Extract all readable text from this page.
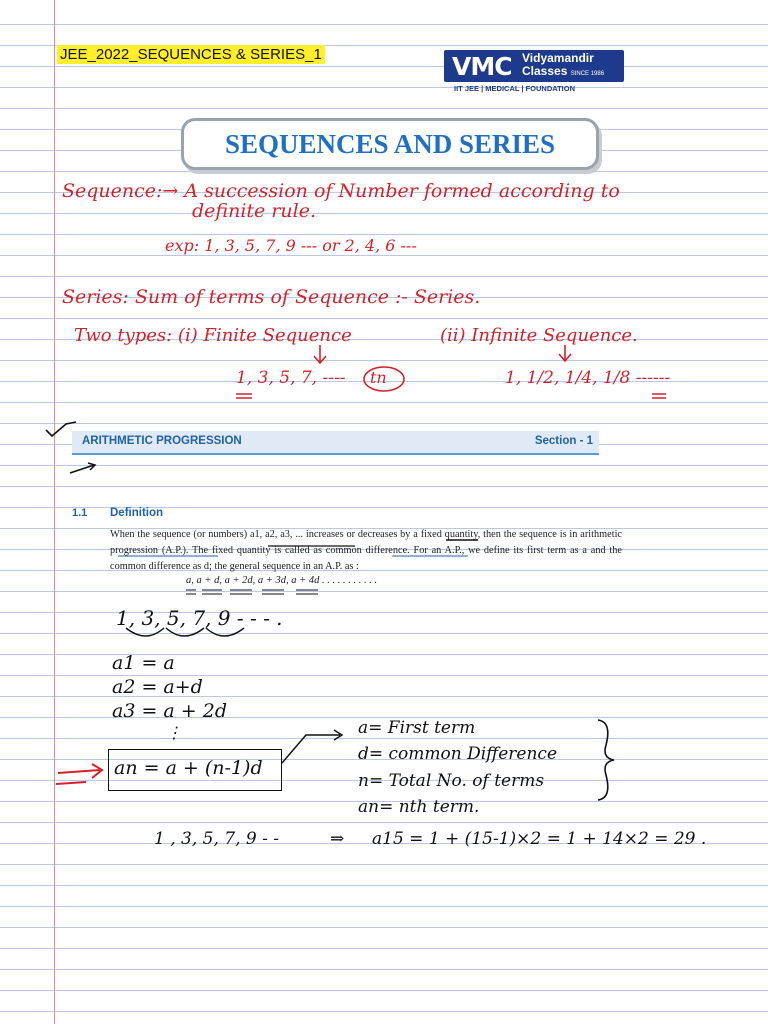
JEE_2022_SEQUENCES & SERIES_1	VMC Vidyamandir
Classes SINCE 1986
IIT JEE | MEDICAL | FOUNDATION
SEQUENCES AND SERIES
Sequence:→ A succession of Number formed according to
definite rule.
exp: 1, 3, 5, 7, 9 --- or 2, 4, 6 ---
Series: Sum of terms of Sequence :- Series.
Two types: (i) Finite Sequence	(ii) Infinite Sequence.
1, 3, 5, 7, ---- tn	1, 1/2, 1/4, 1/8 ------
ARITHMETIC PROGRESSION	Section - 1
1.1 Definition
When the sequence (or numbers) a1, a2, a3, ... increases or decreases by a fixed quantity, then the sequence is in arithmetic progression (A.P.). The fixed quantity is called as common difference. For an A.P., we define its first term as a and the common difference as d; the general sequence in an A.P. as :
a, a + d, a + 2d, a + 3d, a + 4d . . . . . . . . . . .
1, 3, 5, 7, 9 - - - .
a1 = a
a2 = a+d
a3 = a + 2d
⋮
an = a + (n-1)d
a= First term
d= common Difference
n= Total No. of terms
an= nth term.
1 , 3, 5, 7, 9 - -	⇒ a15 = 1 + (15-1)×2 = 1 + 14×2 = 29 .
